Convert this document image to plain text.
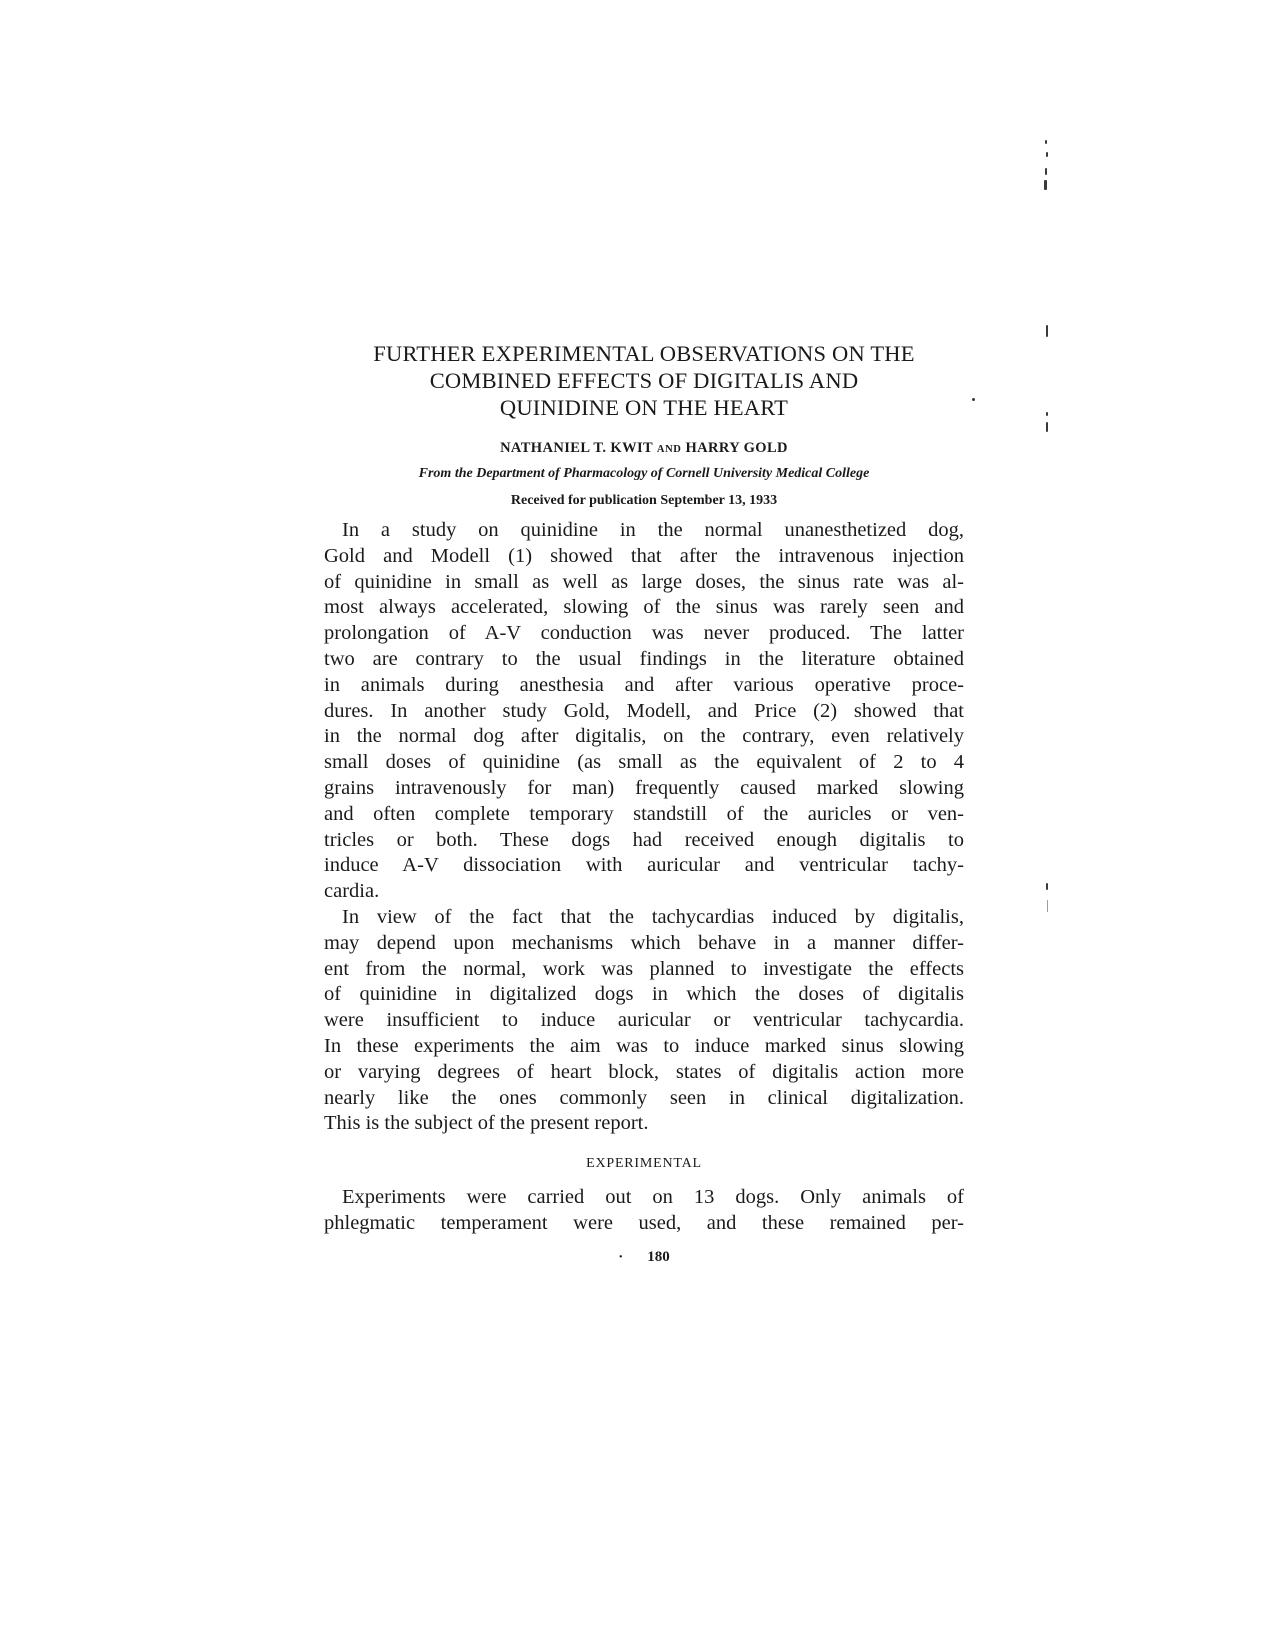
FURTHER EXPERIMENTAL OBSERVATIONS ON THE
COMBINED EFFECTS OF DIGITALIS AND
QUINIDINE ON THE HEART
NATHANIEL T. KWIT AND HARRY GOLD
From the Department of Pharmacology of Cornell University Medical College
Received for publication September 13, 1933
In a study on quinidine in the normal unanesthetized dog,
Gold and Modell (1) showed that after the intravenous injection
of quinidine in small as well as large doses, the sinus rate was al-
most always accelerated, slowing of the sinus was rarely seen and
prolongation of A-V conduction was never produced. The latter
two are contrary to the usual findings in the literature obtained
in animals during anesthesia and after various operative proce-
dures. In another study Gold, Modell, and Price (2) showed that
in the normal dog after digitalis, on the contrary, even relatively
small doses of quinidine (as small as the equivalent of 2 to 4
grains intravenously for man) frequently caused marked slowing
and often complete temporary standstill of the auricles or ven-
tricles or both. These dogs had received enough digitalis to
induce A-V dissociation with auricular and ventricular tachy-
cardia.
In view of the fact that the tachycardias induced by digitalis,
may depend upon mechanisms which behave in a manner differ-
ent from the normal, work was planned to investigate the effects
of quinidine in digitalized dogs in which the doses of digitalis
were insufficient to induce auricular or ventricular tachycardia.
In these experiments the aim was to induce marked sinus slowing
or varying degrees of heart block, states of digitalis action more
nearly like the ones commonly seen in clinical digitalization.
This is the subject of the present report.
EXPERIMENTAL
Experiments were carried out on 13 dogs. Only animals of
phlegmatic temperament were used, and these remained per-
· 180
